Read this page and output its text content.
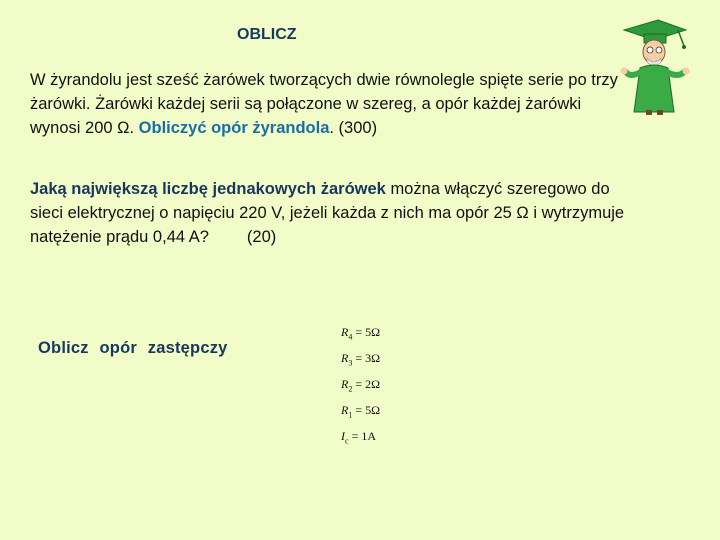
OBLICZ
W żyrandolu jest sześć żarówek tworzących dwie równolegle spięte serie po trzy żarówki. Żarówki każdej serii są połączone w szereg, a opór każdej żarówki wynosi 200 Ω. Obliczyć opór żyrandola. (300)
Jaką największą liczbę jednakowych żarówek można włączyć szeregowo do sieci elektrycznej o napięciu 220 V, jeżeli każda z nich ma opór 25 Ω i wytrzymuje natężenie prądu 0,44 A? (20)
Oblicz opór zastępczy
$R_4 = 5\Omega$
$R_3 = 3\Omega$
$R_2 = 2\Omega$
$R_1 = 5\Omega$
$I_c = 1A$
